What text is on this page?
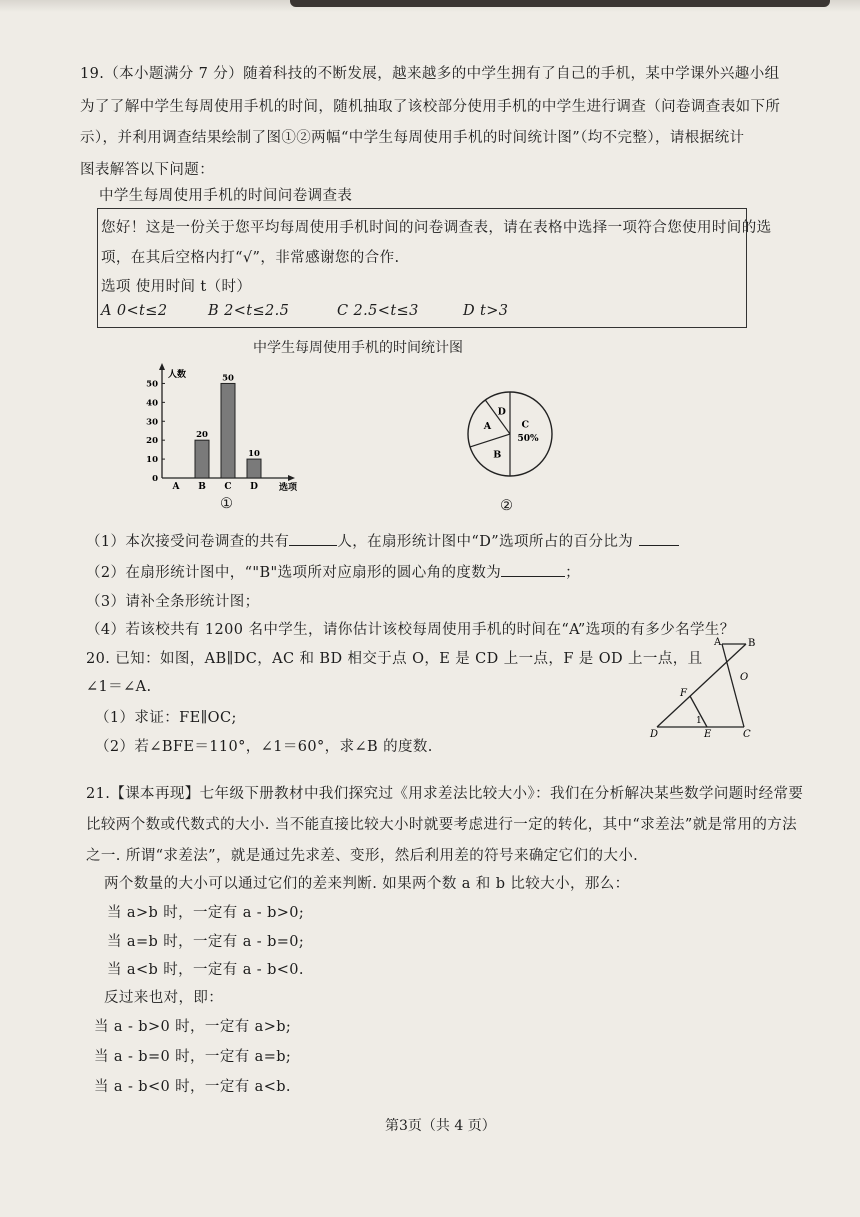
19.（本小题满分 7 分）随着科技的不断发展，越来越多的中学生拥有了自己的手机，某中学课外兴趣小组
为了了解中学生每周使用手机的时间，随机抽取了该校部分使用手机的中学生进行调查（问卷调查表如下所
示），并利用调查结果绘制了图①②两幅“中学生每周使用手机的时间统计图”（均不完整），请根据统计
图表解答以下问题：
中学生每周使用手机的时间问卷调查表
您好！这是一份关于您平均每周使用手机时间的问卷调查表，请在表格中选择一项符合您使用时间的选
项，在其后空格内打“√”，非常感谢您的合作.
选项 使用时间 t（时）
A 0<t≤2	B 2<t≤2.5	C 2.5<t≤3	D t>3
中学生每周使用手机的时间统计图
人数
选项
0
10
20
30
40
50
A B
20
C
50
D
10
①
C
D
A
B
50%
②
（1）本次接受问卷调查的共有	人，在扇形统计图中“D”选项所占的百分比为
（2）在扇形统计图中，“"B"选项所对应扇形的圆心角的度数为	；
（3）请补全条形统计图；
（4）若该校共有 1200 名中学生，请你估计该校每周使用手机的时间在“A”选项的有多少名学生？
20. 已知：如图，AB∥DC，AC 和 BD 相交于点 O，E 是 CD 上一点，F 是 OD 上一点，且
∠1＝∠A.
（1）求证：FE∥OC;
（2）若∠BFE＝110°，∠1＝60°，求∠B 的度数.
A	B
O
F
1
D	E	C
21.【课本再现】七年级下册教材中我们探究过《用求差法比较大小》：我们在分析解决某些数学问题时经常要
比较两个数或代数式的大小. 当不能直接比较大小时就要考虑进行一定的转化，其中“求差法”就是常用的方法
之一. 所谓“求差法”，就是通过先求差、变形，然后利用差的符号来确定它们的大小.
两个数量的大小可以通过它们的差来判断. 如果两个数 a 和 b 比较大小，那么：
当 a>b 时，一定有 a - b>0;
当 a=b 时，一定有 a - b=0;
当 a<b 时，一定有 a - b<0.
反过来也对，即：
当 a - b>0 时，一定有 a>b;
当 a - b=0 时，一定有 a=b;
当 a - b<0 时，一定有 a<b.
第3页（共 4 页）
